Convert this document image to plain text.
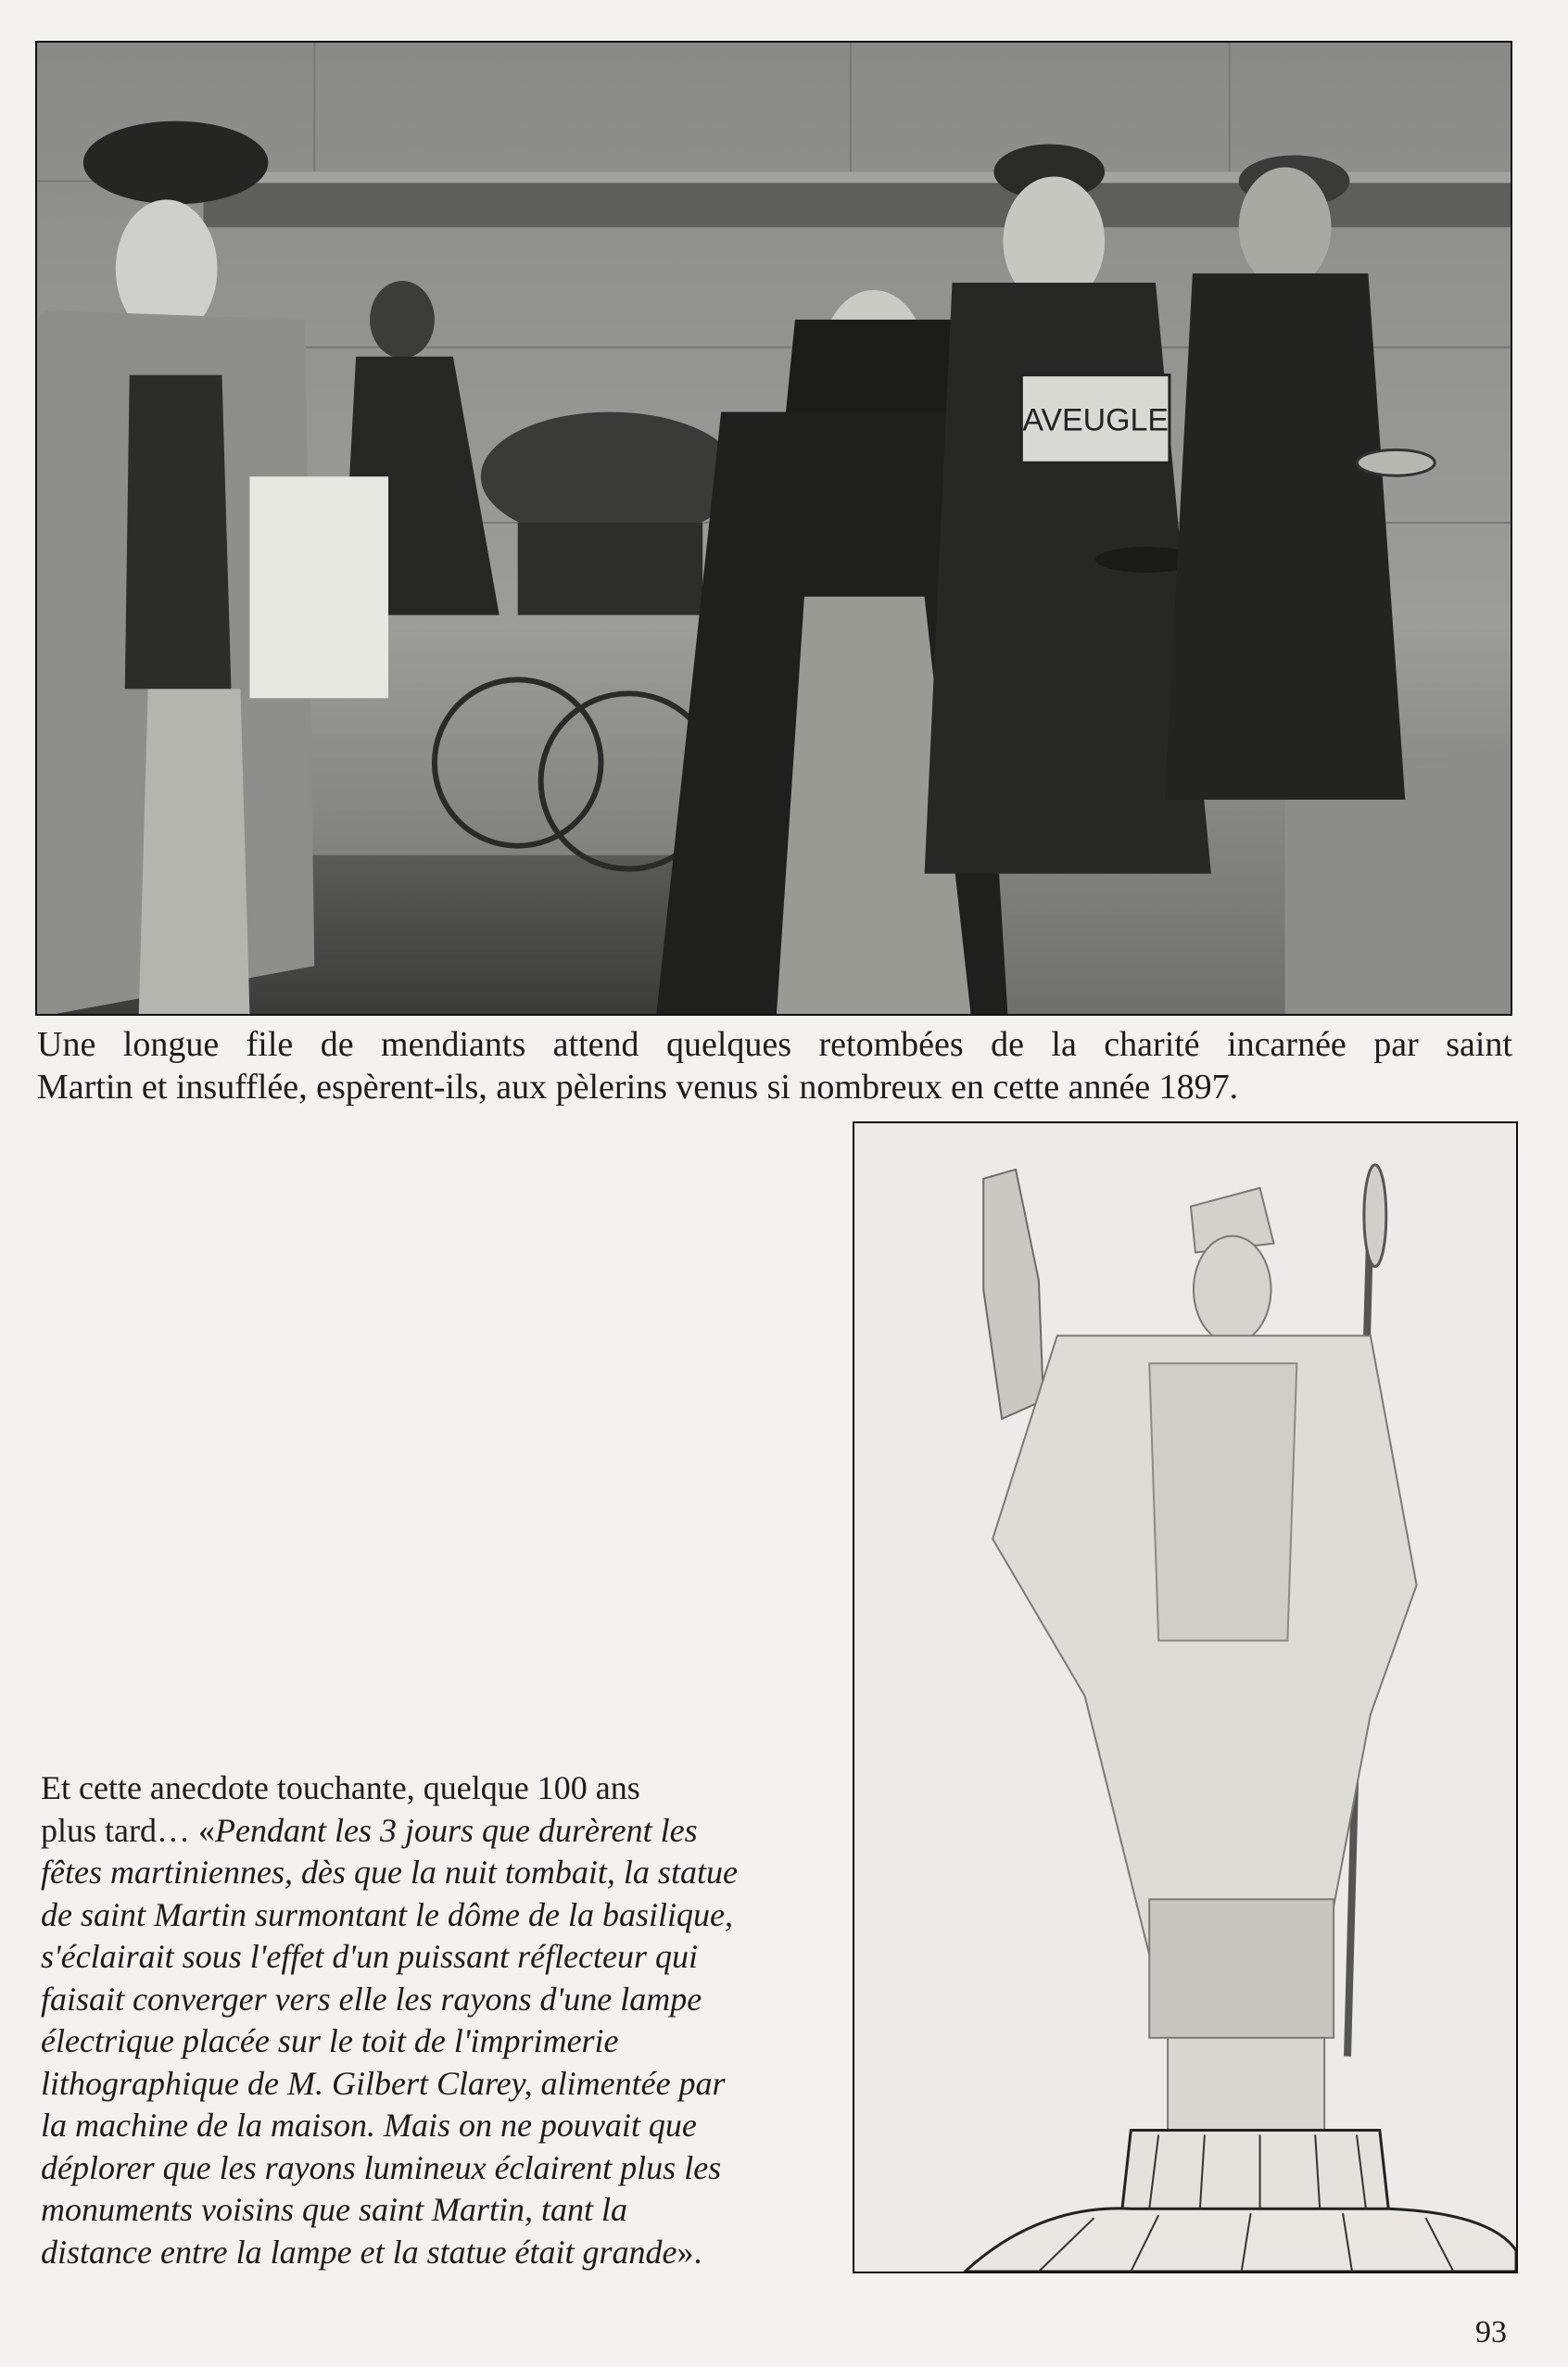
AVEUGLE
Une longue file de mendiants attend quelques retombées de la charité incarnée par saint
Martin et insufflée, espèrent-ils, aux pèlerins venus si nombreux en cette année 1897.
Et cette anecdote touchante, quelque 100 ans
plus tard… «Pendant les 3 jours que durèrent les
fêtes martiniennes, dès que la nuit tombait, la statue
de saint Martin surmontant le dôme de la basilique,
s'éclairait sous l'effet d'un puissant réflecteur qui
faisait converger vers elle les rayons d'une lampe
électrique placée sur le toit de l'imprimerie
lithographique de M. Gilbert Clarey, alimentée par
la machine de la maison. Mais on ne pouvait que
déplorer que les rayons lumineux éclairent plus les
monuments voisins que saint Martin, tant la
distance entre la lampe et la statue était grande».
93
